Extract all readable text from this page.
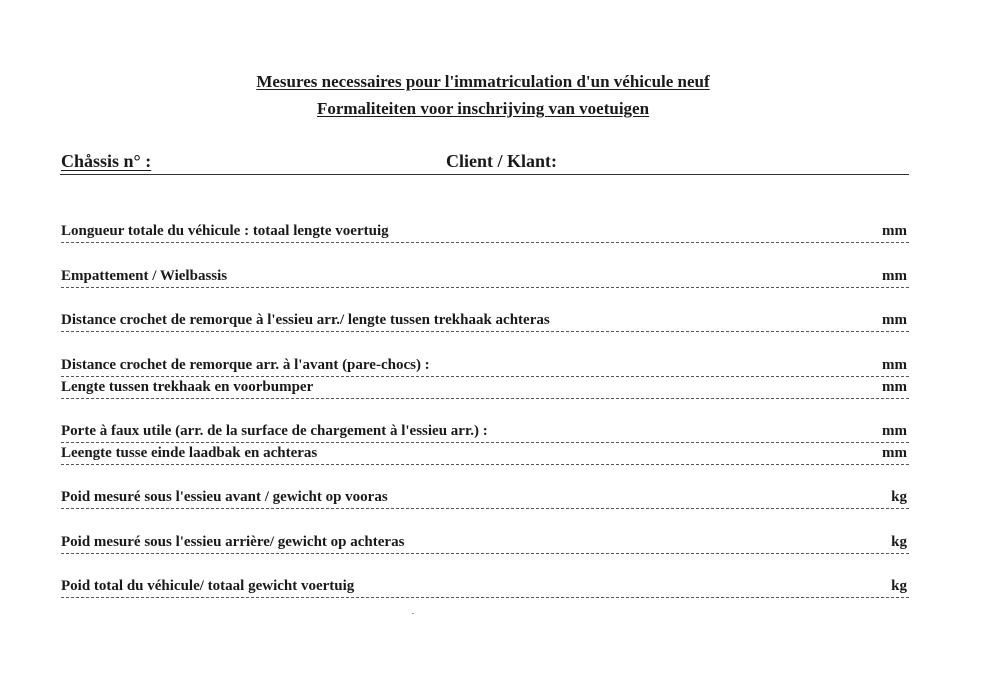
Mesures necessaires pour l'immatriculation d'un véhicule neuf
Formaliteiten voor inschrijving van voetuigen
Chåssis n° :	Client / Klant:
Longueur totale du véhicule : totaal lengte voertuig	mm
Empattement / Wielbassis	mm
Distance crochet de remorque à l'essieu arr./ lengte tussen trekhaak achteras	mm
Distance crochet de remorque arr. à l'avant (pare-chocs) :	mm
Lengte tussen trekhaak en voorbumper	mm
Porte à faux utile (arr. de la surface de chargement à l'essieu arr.) :	mm
Leengte tusse einde laadbak en achteras	mm
Poid mesuré sous l'essieu avant / gewicht op vooras	kg
Poid mesuré sous l'essieu arrière/ gewicht op achteras	kg
Poid total du véhicule/ totaal gewicht voertuig	kg
